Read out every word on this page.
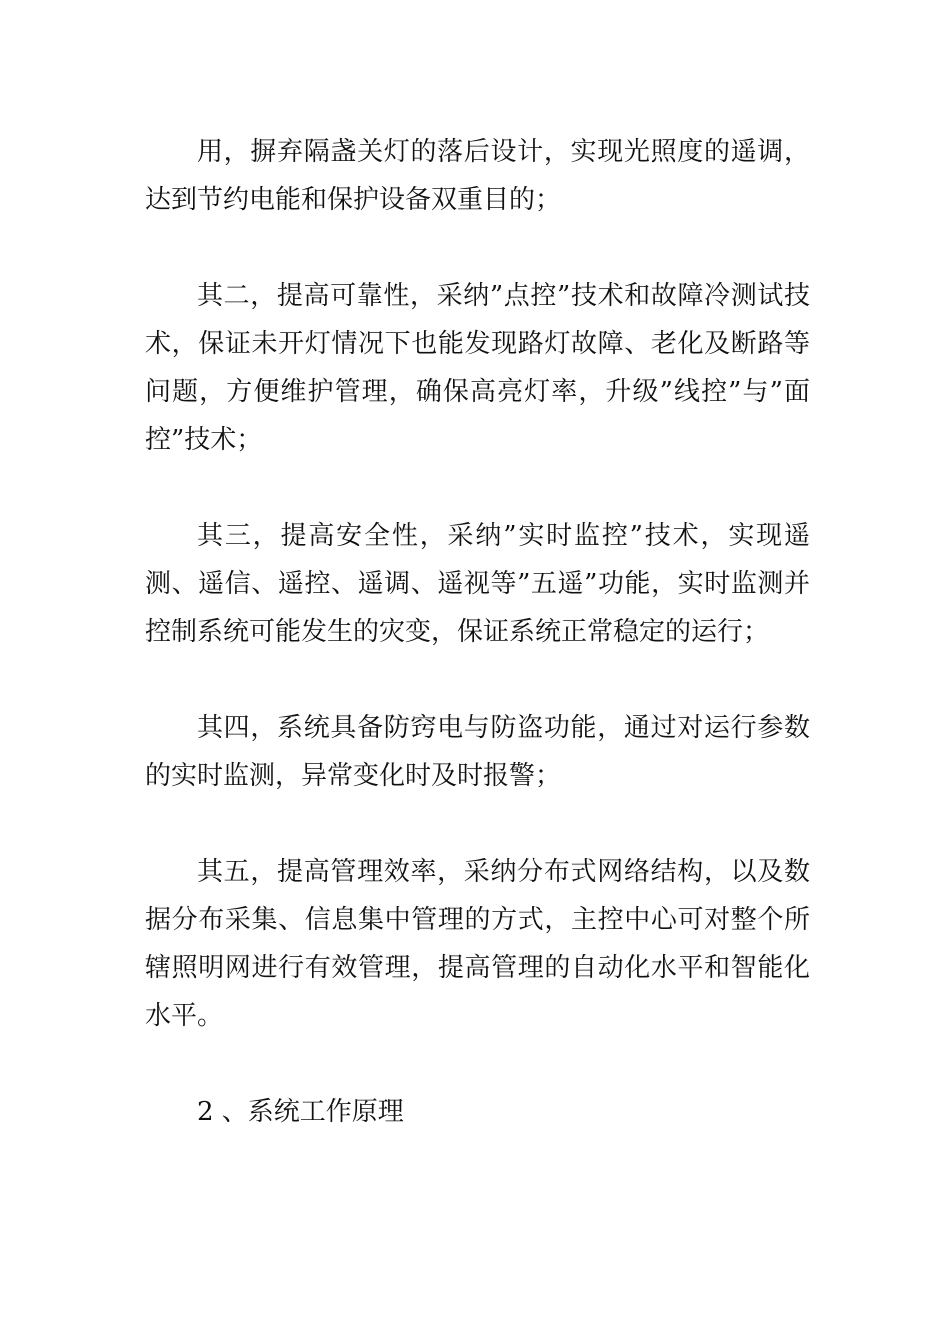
用，摒弃隔盏关灯的落后设计，实现光照度的遥调，达到节约电能和保护设备双重目的；

其二，提高可靠性，采纳”点控”技术和故障冷测试技术，保证未开灯情况下也能发现路灯故障、老化及断路等问题，方便维护管理，确保高亮灯率，升级”线控”与”面控”技术；

其三，提高安全性，采纳”实时监控”技术，实现遥测、遥信、遥控、遥调、遥视等”五遥”功能，实时监测并控制系统可能发生的灾变，保证系统正常稳定的运行；

其四，系统具备防窍电与防盗功能，通过对运行参数的实时监测，异常变化时及时报警；

其五，提高管理效率，采纳分布式网络结构，以及数据分布采集、信息集中管理的方式，主控中心可对整个所辖照明网进行有效管理，提高管理的自动化水平和智能化水平。

2 、系统工作原理
